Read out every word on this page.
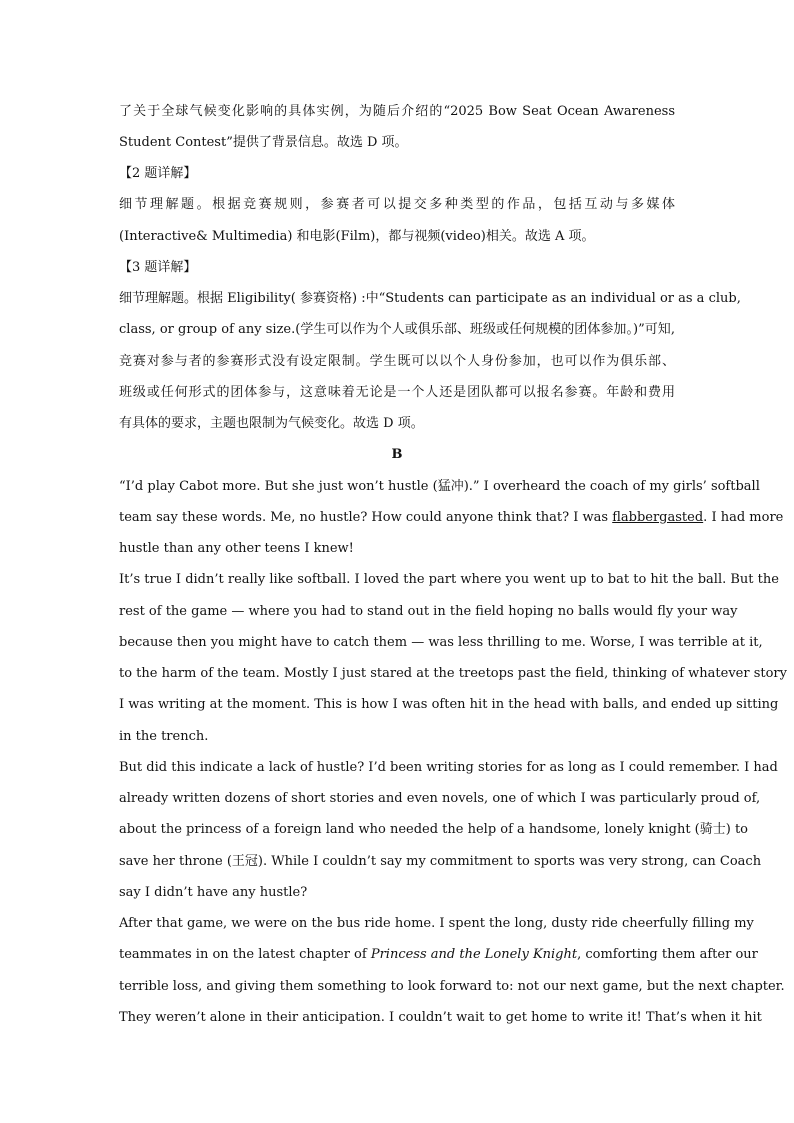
了关于全球气候变化影响的具体实例，为随后介绍的“2025 Bow Seat Ocean Awareness

Student Contest”提供了背景信息。故选 D 项。

【2 题详解】

细节理解题。根据竞赛规则，参赛者可以提交多种类型的作品，包括互动与多媒体

(Interactive& Multimedia) 和电影(Film)，都与视频(video)相关。故选 A 项。

【3 题详解】

细节理解题。根据 Eligibility( 参赛资格) :中“Students can participate as an individual or as a club,

class, or group of any size.(学生可以作为个人或俱乐部、班级或任何规模的团体参加。)”可知,

竞赛对参与者的参赛形式没有设定限制。学生既可以以个人身份参加，也可以作为俱乐部、

班级或任何形式的团体参与，这意味着无论是一个人还是团队都可以报名参赛。年龄和费用

有具体的要求，主题也限制为气候变化。故选 D 项。

B

“I’d play Cabot more. But she just won’t hustle (猛冲).” I overheard the coach of my girls’ softball

team say these words. Me, no hustle? How could anyone think that? I was flabbergasted. I had more

hustle than any other teens I knew!

It’s true I didn’t really like softball. I loved the part where you went up to bat to hit the ball. But the

rest of the game — where you had to stand out in the field hoping no balls would fly your way

because then you might have to catch them — was less thrilling to me. Worse, I was terrible at it,

to the harm of the team. Mostly I just stared at the treetops past the field, thinking of whatever story

I was writing at the moment. This is how I was often hit in the head with balls, and ended up sitting

in the trench.

But did this indicate a lack of hustle? I’d been writing stories for as long as I could remember. I had

already written dozens of short stories and even novels, one of which I was particularly proud of,

about the princess of a foreign land who needed the help of a handsome, lonely knight (骑士) to

save her throne (王冠). While I couldn’t say my commitment to sports was very strong, can Coach

say I didn’t have any hustle?

After that game, we were on the bus ride home. I spent the long, dusty ride cheerfully filling my

teammates in on the latest chapter of Princess and the Lonely Knight, comforting them after our

terrible loss, and giving them something to look forward to: not our next game, but the next chapter.

They weren’t alone in their anticipation. I couldn’t wait to get home to write it! That’s when it hit
